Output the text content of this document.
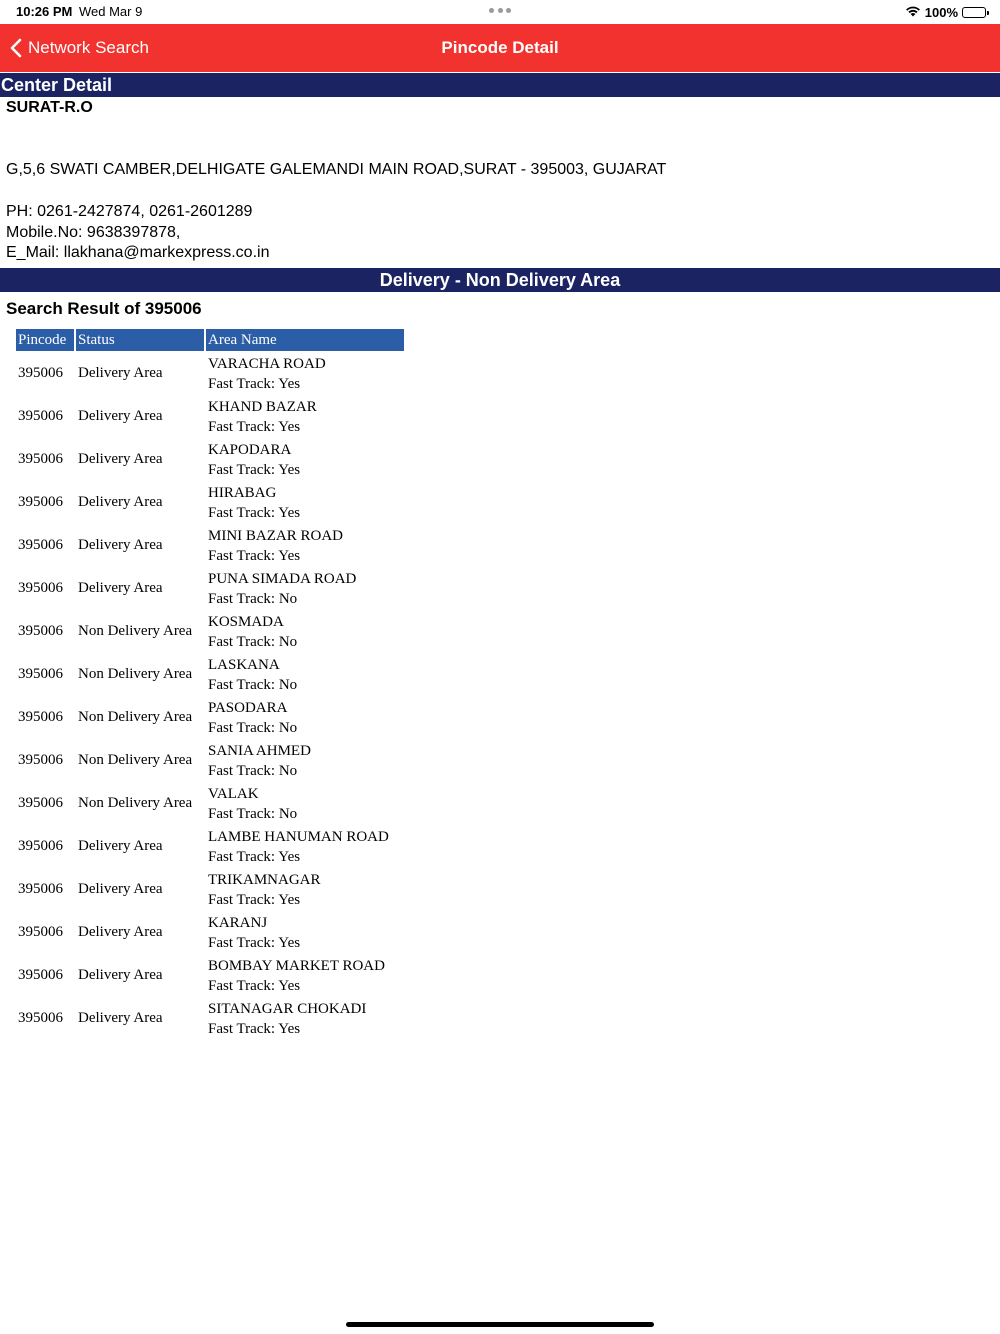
10:26 PM Wed Mar 9	100%
Network Search	Pincode Detail
Center Detail
SURAT-R.O
G,5,6 SWATI CAMBER,DELHIGATE GALEMANDI MAIN ROAD,SURAT - 395003, GUJARAT
PH: 0261-2427874, 0261-2601289
Mobile.No: 9638397878,
E_Mail: llakhana@markexpress.co.in
Delivery - Non Delivery Area
Search Result of 395006
Pincode	Status	Area Name
395006	Delivery Area	VARACHA ROAD
Fast Track: Yes

395006	Delivery Area	KHAND BAZAR
Fast Track: Yes

395006	Delivery Area	KAPODARA
Fast Track: Yes

395006	Delivery Area	HIRABAG
Fast Track: Yes

395006	Delivery Area	MINI BAZAR ROAD
Fast Track: Yes

395006	Delivery Area	PUNA SIMADA ROAD
Fast Track: No

395006	Non Delivery Area	KOSMADA
Fast Track: No

395006	Non Delivery Area	LASKANA
Fast Track: No

395006	Non Delivery Area	PASODARA
Fast Track: No

395006	Non Delivery Area	SANIA AHMED
Fast Track: No

395006	Non Delivery Area	VALAK
Fast Track: No

395006	Delivery Area	LAMBE HANUMAN ROAD
Fast Track: Yes

395006	Delivery Area	TRIKAMNAGAR
Fast Track: Yes

395006	Delivery Area	KARANJ
Fast Track: Yes

395006	Delivery Area	BOMBAY MARKET ROAD
Fast Track: Yes

395006	Delivery Area	SITANAGAR CHOKADI
Fast Track: Yes
